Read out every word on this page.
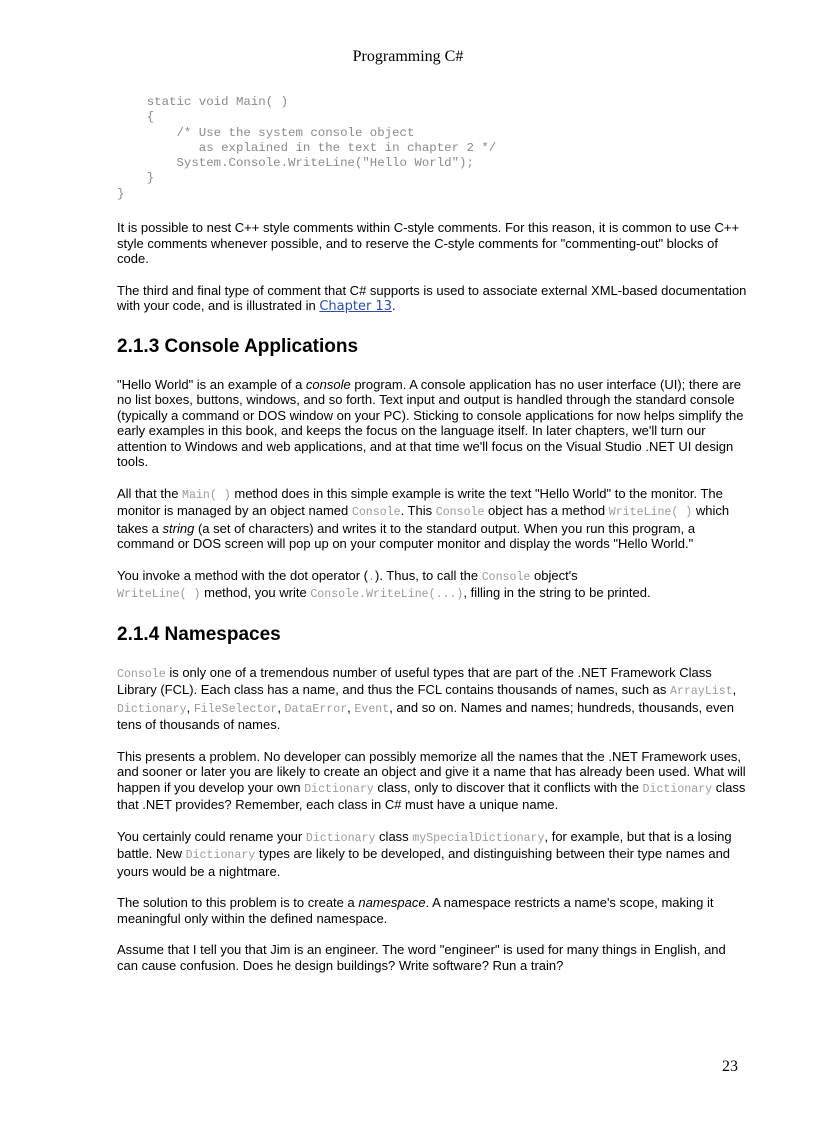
Programming C#
static void Main( )
{
/* Use the system console object
as explained in the text in chapter 2 */
System.Console.WriteLine("Hello World");
}
}

It is possible to nest C++ style comments within C-style comments. For this reason, it is common to use C++ style comments whenever possible, and to reserve the C-style comments for "commenting-out" blocks of code.

The third and final type of comment that C# supports is used to associate external XML-based documentation with your code, and is illustrated in Chapter 13.

2.1.3 Console Applications

"Hello World" is an example of a console program. A console application has no user interface (UI); there are no list boxes, buttons, windows, and so forth. Text input and output is handled through the standard console (typically a command or DOS window on your PC). Sticking to console applications for now helps simplify the early examples in this book, and keeps the focus on the language itself. In later chapters, we'll turn our attention to Windows and web applications, and at that time we'll focus on the Visual Studio .NET UI design tools.

All that the Main( ) method does in this simple example is write the text "Hello World" to the monitor. The monitor is managed by an object named Console. This Console object has a method WriteLine( ) which takes a string (a set of characters) and writes it to the standard output. When you run this program, a command or DOS screen will pop up on your computer monitor and display the words "Hello World."

You invoke a method with the dot operator (.). Thus, to call the Console object's
WriteLine( ) method, you write Console.WriteLine(...), filling in the string to be printed.

2.1.4 Namespaces

Console is only one of a tremendous number of useful types that are part of the .NET Framework Class Library (FCL). Each class has a name, and thus the FCL contains thousands of names, such as ArrayList, Dictionary, FileSelector, DataError, Event, and so on. Names and names; hundreds, thousands, even tens of thousands of names.

This presents a problem. No developer can possibly memorize all the names that the .NET Framework uses, and sooner or later you are likely to create an object and give it a name that has already been used. What will happen if you develop your own Dictionary class, only to discover that it conflicts with the Dictionary class that .NET provides? Remember, each class in C# must have a unique name.

You certainly could rename your Dictionary class mySpecialDictionary, for example, but that is a losing battle. New Dictionary types are likely to be developed, and distinguishing between their type names and yours would be a nightmare.

The solution to this problem is to create a namespace. A namespace restricts a name's scope, making it meaningful only within the defined namespace.

Assume that I tell you that Jim is an engineer. The word "engineer" is used for many things in English, and can cause confusion. Does he design buildings? Write software? Run a train?

23
